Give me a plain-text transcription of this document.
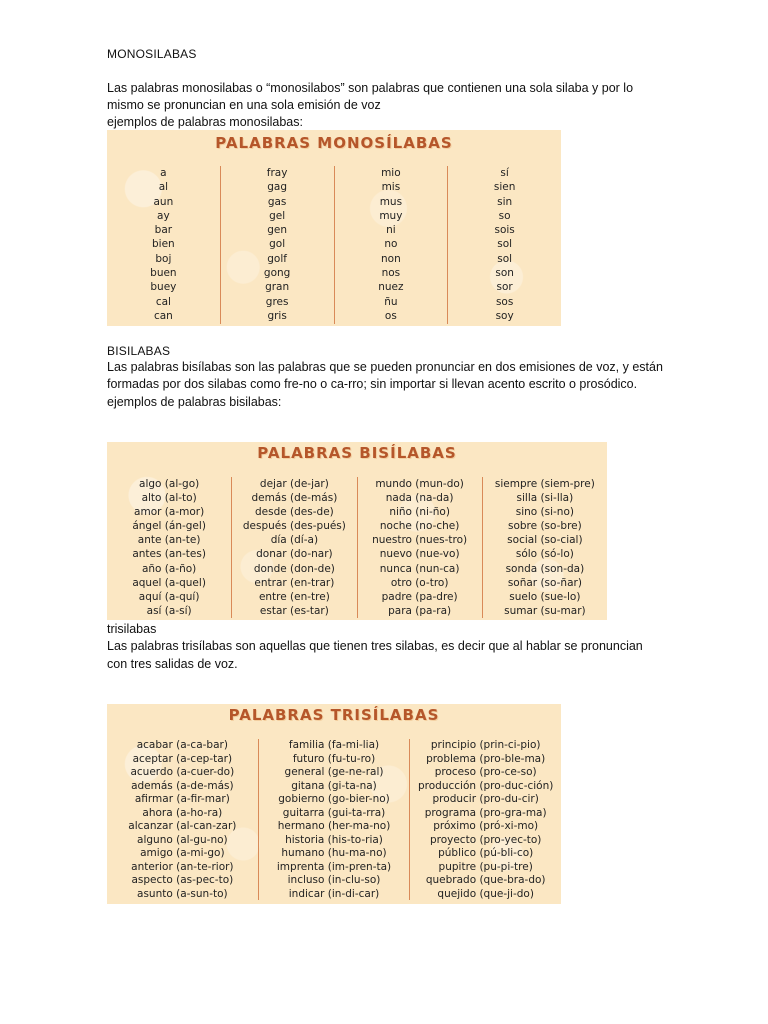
MONOSILABAS

Las palabras monosilabas o “monosilabos” son palabras que contienen una sola silaba y por lo

mismo se pronuncian en una sola emisión de voz

ejemplos de palabras monosilabas:

PALABRAS MONOSÍLABAS
a
al
aun
ay
bar
bien
boj
buen
buey
cal
can
fray
gag
gas
gel
gen
gol
golf
gong
gran
gres
gris
mio
mis
mus
muy
ni
no
non
nos
nuez
ñu
os
sí
sien
sin
so
sois
sol
sol
son
sor
sos
soy

BISILABAS

Las palabras bisílabas son las palabras que se pueden pronunciar en dos emisiones de voz, y están

formadas por dos silabas como fre-no o ca-rro; sin importar si llevan acento escrito o prosódico.

ejemplos de palabras bisilabas:

PALABRAS BISÍLABAS
algo (al-go)
alto (al-to)
amor (a-mor)
ángel (án-gel)
ante (an-te)
antes (an-tes)
año (a-ño)
aquel (a-quel)
aquí (a-quí)
así (a-sí)
dejar (de-jar)
demás (de-más)
desde (des-de)
después (des-pués)
día (dí-a)
donar (do-nar)
donde (don-de)
entrar (en-trar)
entre (en-tre)
estar (es-tar)
mundo (mun-do)
nada (na-da)
niño (ni-ño)
noche (no-che)
nuestro (nues-tro)
nuevo (nue-vo)
nunca (nun-ca)
otro (o-tro)
padre (pa-dre)
para (pa-ra)
siempre (siem-pre)
silla (si-lla)
sino (si-no)
sobre (so-bre)
social (so-cial)
sólo (só-lo)
sonda (son-da)
soñar (so-ñar)
suelo (sue-lo)
sumar (su-mar)

trisilabas

Las palabras trisílabas son aquellas que tienen tres silabas, es decir que al hablar se pronuncian

con tres salidas de voz.

PALABRAS TRISÍLABAS
acabar (a-ca-bar)
aceptar (a-cep-tar)
acuerdo (a-cuer-do)
además (a-de-más)
afirmar (a-fir-mar)
ahora (a-ho-ra)
alcanzar (al-can-zar)
alguno (al-gu-no)
amigo (a-mi-go)
anterior (an-te-rior)
aspecto (as-pec-to)
asunto (a-sun-to)
familia (fa-mi-lia)
futuro (fu-tu-ro)
general (ge-ne-ral)
gitana (gi-ta-na)
gobierno (go-bier-no)
guitarra (gui-ta-rra)
hermano (her-ma-no)
historia (his-to-ria)
humano (hu-ma-no)
imprenta (im-pren-ta)
incluso (in-clu-so)
indicar (in-di-car)
principio (prin-ci-pio)
problema (pro-ble-ma)
proceso (pro-ce-so)
producción (pro-duc-ción)
producir (pro-du-cir)
programa (pro-gra-ma)
próximo (pró-xi-mo)
proyecto (pro-yec-to)
público (pú-bli-co)
pupitre (pu-pi-tre)
quebrado (que-bra-do)
quejido (que-ji-do)
